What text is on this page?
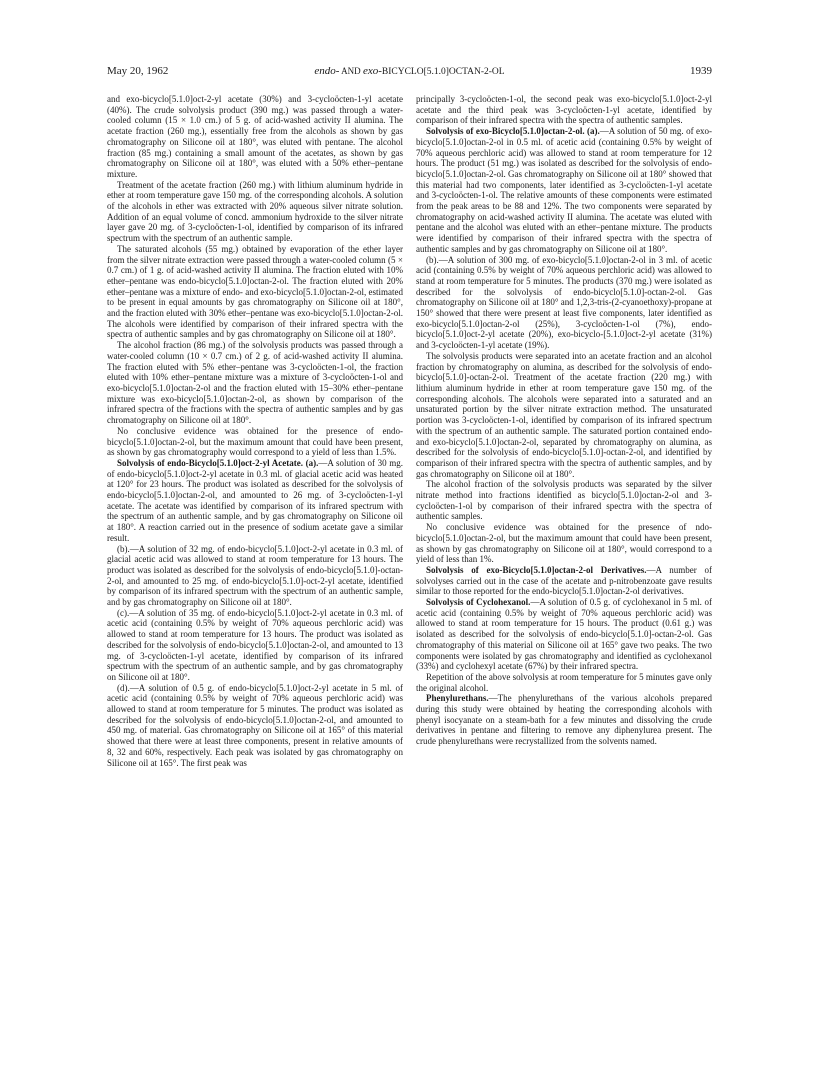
May 20, 1962	endo- AND exo-BICYCLO[5.1.0]OCTAN-2-OL	1939

and exo-bicyclo[5.1.0]oct-2-yl acetate (30%) and 3-cycloöcten-1-yl acetate (40%). The crude solvolysis product (390 mg.) was passed through a water-cooled column (15 × 1.0 cm.) of 5 g. of acid-washed activity II alumina. The acetate fraction (260 mg.), essentially free from the alcohols as shown by gas chromatography on Silicone oil at 180°, was eluted with pentane. The alcohol fraction (85 mg.) containing a small amount of the acetates, as shown by gas chromatography on Silicone oil at 180°, was eluted with a 50% ether–pentane mixture.

Treatment of the acetate fraction (260 mg.) with lithium aluminum hydride in ether at room temperature gave 150 mg. of the corresponding alcohols. A solution of the alcohols in ether was extracted with 20% aqueous silver nitrate solution. Addition of an equal volume of concd. ammonium hydroxide to the silver nitrate layer gave 20 mg. of 3-cycloöcten-1-ol, identified by comparison of its infrared spectrum with the spectrum of an authentic sample.

The saturated alcohols (55 mg.) obtained by evaporation of the ether layer from the silver nitrate extraction were passed through a water-cooled column (5 × 0.7 cm.) of 1 g. of acid-washed activity II alumina. The fraction eluted with 10% ether–pentane was endo-bicyclo[5.1.0]octan-2-ol. The fraction eluted with 20% ether–pentane was a mixture of endo- and exo-bicyclo[5.1.0]octan-2-ol, estimated to be present in equal amounts by gas chromatography on Silicone oil at 180°, and the fraction eluted with 30% ether–pentane was exo-bicyclo[5.1.0]octan-2-ol. The alcohols were identified by comparison of their infrared spectra with the spectra of authentic samples and by gas chromatography on Silicone oil at 180°.

The alcohol fraction (86 mg.) of the solvolysis products was passed through a water-cooled column (10 × 0.7 cm.) of 2 g. of acid-washed activity II alumina. The fraction eluted with 5% ether–pentane was 3-cycloöcten-1-ol, the fraction eluted with 10% ether–pentane mixture was a mixture of 3-cycloöcten-1-ol and exo-bicyclo[5.1.0]octan-2-ol and the fraction eluted with 15–30% ether–pentane mixture was exo-bicyclo[5.1.0]octan-2-ol, as shown by comparison of the infrared spectra of the fractions with the spectra of authentic samples and by gas chromatography on Silicone oil at 180°.

No conclusive evidence was obtained for the presence of endo-bicyclo[5.1.0]octan-2-ol, but the maximum amount that could have been present, as shown by gas chromatography would correspond to a yield of less than 1.5%.

Solvolysis of endo-Bicyclo[5.1.0]oct-2-yl Acetate. (a).—A solution of 30 mg. of endo-bicyclo[5.1.0]oct-2-yl acetate in 0.3 ml. of glacial acetic acid was heated at 120° for 23 hours. The product was isolated as described for the solvolysis of endo-bicyclo[5.1.0]octan-2-ol, and amounted to 26 mg. of 3-cycloöcten-1-yl acetate. The acetate was identified by comparison of its infrared spectrum with the spectrum of an authentic sample, and by gas chromatography on Silicone oil at 180°. A reaction carried out in the presence of sodium acetate gave a similar result.

(b).—A solution of 32 mg. of endo-bicyclo[5.1.0]oct-2-yl acetate in 0.3 ml. of glacial acetic acid was allowed to stand at room temperature for 13 hours. The product was isolated as described for the solvolysis of endo-bicyclo[5.1.0]-octan-2-ol, and amounted to 25 mg. of endo-bicyclo[5.1.0]-oct-2-yl acetate, identified by comparison of its infrared spectrum with the spectrum of an authentic sample, and by gas chromatography on Silicone oil at 180°.

(c).—A solution of 35 mg. of endo-bicyclo[5.1.0]oct-2-yl acetate in 0.3 ml. of acetic acid (containing 0.5% by weight of 70% aqueous perchloric acid) was allowed to stand at room temperature for 13 hours. The product was isolated as described for the solvolysis of endo-bicyclo[5.1.0]octan-2-ol, and amounted to 13 mg. of 3-cycloöcten-1-yl acetate, identified by comparison of its infrared spectrum with the spectrum of an authentic sample, and by gas chromatography on Silicone oil at 180°.

(d).—A solution of 0.5 g. of endo-bicyclo[5.1.0]oct-2-yl acetate in 5 ml. of acetic acid (containing 0.5% by weight of 70% aqueous perchloric acid) was allowed to stand at room temperature for 5 minutes. The product was isolated as described for the solvolysis of endo-bicyclo[5.1.0]octan-2-ol, and amounted to 450 mg. of material. Gas chromatography on Silicone oil at 165° of this material showed that there were at least three components, present in relative amounts of 8, 32 and 60%, respectively. Each peak was isolated by gas chromatography on Silicone oil at 165°. The first peak was

principally 3-cycloöcten-1-ol, the second peak was exo-bicyclo[5.1.0]oct-2-yl acetate and the third peak was 3-cycloöcten-1-yl acetate, identified by comparison of their infrared spectra with the spectra of authentic samples.

Solvolysis of exo-Bicyclo[5.1.0]octan-2-ol. (a).—A solution of 50 mg. of exo-bicyclo[5.1.0]octan-2-ol in 0.5 ml. of acetic acid (containing 0.5% by weight of 70% aqueous perchloric acid) was allowed to stand at room temperature for 12 hours. The product (51 mg.) was isolated as described for the solvolysis of endo-bicyclo[5.1.0]octan-2-ol. Gas chromatography on Silicone oil at 180° showed that this material had two components, later identified as 3-cycloöcten-1-yl acetate and 3-cycloöcten-1-ol. The relative amounts of these components were estimated from the peak areas to be 88 and 12%. The two components were separated by chromatography on acid-washed activity II alumina. The acetate was eluted with pentane and the alcohol was eluted with an ether–pentane mixture. The products were identified by comparison of their infrared spectra with the spectra of authentic samples and by gas chromatography on Silicone oil at 180°.

(b).—A solution of 300 mg. of exo-bicyclo[5.1.0]octan-2-ol in 3 ml. of acetic acid (containing 0.5% by weight of 70% aqueous perchloric acid) was allowed to stand at room temperature for 5 minutes. The products (370 mg.) were isolated as described for the solvolysis of endo-bicyclo[5.1.0]-octan-2-ol. Gas chromatography on Silicone oil at 180° and 1,2,3-tris-(2-cyanoethoxy)-propane at 150° showed that there were present at least five components, later identified as exo-bicyclo[5.1.0]octan-2-ol (25%), 3-cycloöcten-1-ol (7%), endo-bicyclo[5.1.0]oct-2-yl acetate (20%), exo-bicyclo-[5.1.0]oct-2-yl acetate (31%) and 3-cycloöcten-1-yl acetate (19%).

The solvolysis products were separated into an acetate fraction and an alcohol fraction by chromatography on alumina, as described for the solvolysis of endo-bicyclo[5.1.0]-octan-2-ol. Treatment of the acetate fraction (220 mg.) with lithium aluminum hydride in ether at room temperature gave 150 mg. of the corresponding alcohols. The alcohols were separated into a saturated and an unsaturated portion by the silver nitrate extraction method. The unsaturated portion was 3-cycloöcten-1-ol, identified by comparison of its infrared spectrum with the spectrum of an authentic sample. The saturated portion contained endo- and exo-bicyclo[5.1.0]octan-2-ol, separated by chromatography on alumina, as described for the solvolysis of endo-bicyclo[5.1.0]-octan-2-ol, and identified by comparison of their infrared spectra with the spectra of authentic samples, and by gas chromatography on Silicone oil at 180°.

The alcohol fraction of the solvolysis products was separated by the silver nitrate method into fractions identified as bicyclo[5.1.0]octan-2-ol and 3-cycloöcten-1-ol by comparison of their infrared spectra with the spectra of authentic samples.

No conclusive evidence was obtained for the presence of ndo-bicyclo[5.1.0]octan-2-ol, but the maximum amount that could have been present, as shown by gas chromatography on Silicone oil at 180°, would correspond to a yield of less than 1%.

Solvolysis of exo-Bicyclo[5.1.0]octan-2-ol Derivatives.—A number of solvolyses carried out in the case of the acetate and p-nitrobenzoate gave results similar to those reported for the endo-bicyclo[5.1.0]octan-2-ol derivatives.

Solvolysis of Cyclohexanol.—A solution of 0.5 g. of cyclohexanol in 5 ml. of acetic acid (containing 0.5% by weight of 70% aqueous perchloric acid) was allowed to stand at room temperature for 15 hours. The product (0.61 g.) was isolated as described for the solvolysis of endo-bicyclo[5.1.0]-octan-2-ol. Gas chromatography of this material on Silicone oil at 165° gave two peaks. The two components were isolated by gas chromatography and identified as cyclohexanol (33%) and cyclohexyl acetate (67%) by their infrared spectra.

Repetition of the above solvolysis at room temperature for 5 minutes gave only the original alcohol.

Phenylurethans.—The phenylurethans of the various alcohols prepared during this study were obtained by heating the corresponding alcohols with phenyl isocyanate on a steam-bath for a few minutes and dissolving the crude derivatives in pentane and filtering to remove any diphenylurea present. The crude phenylurethans were recrystallized from the solvents named.
